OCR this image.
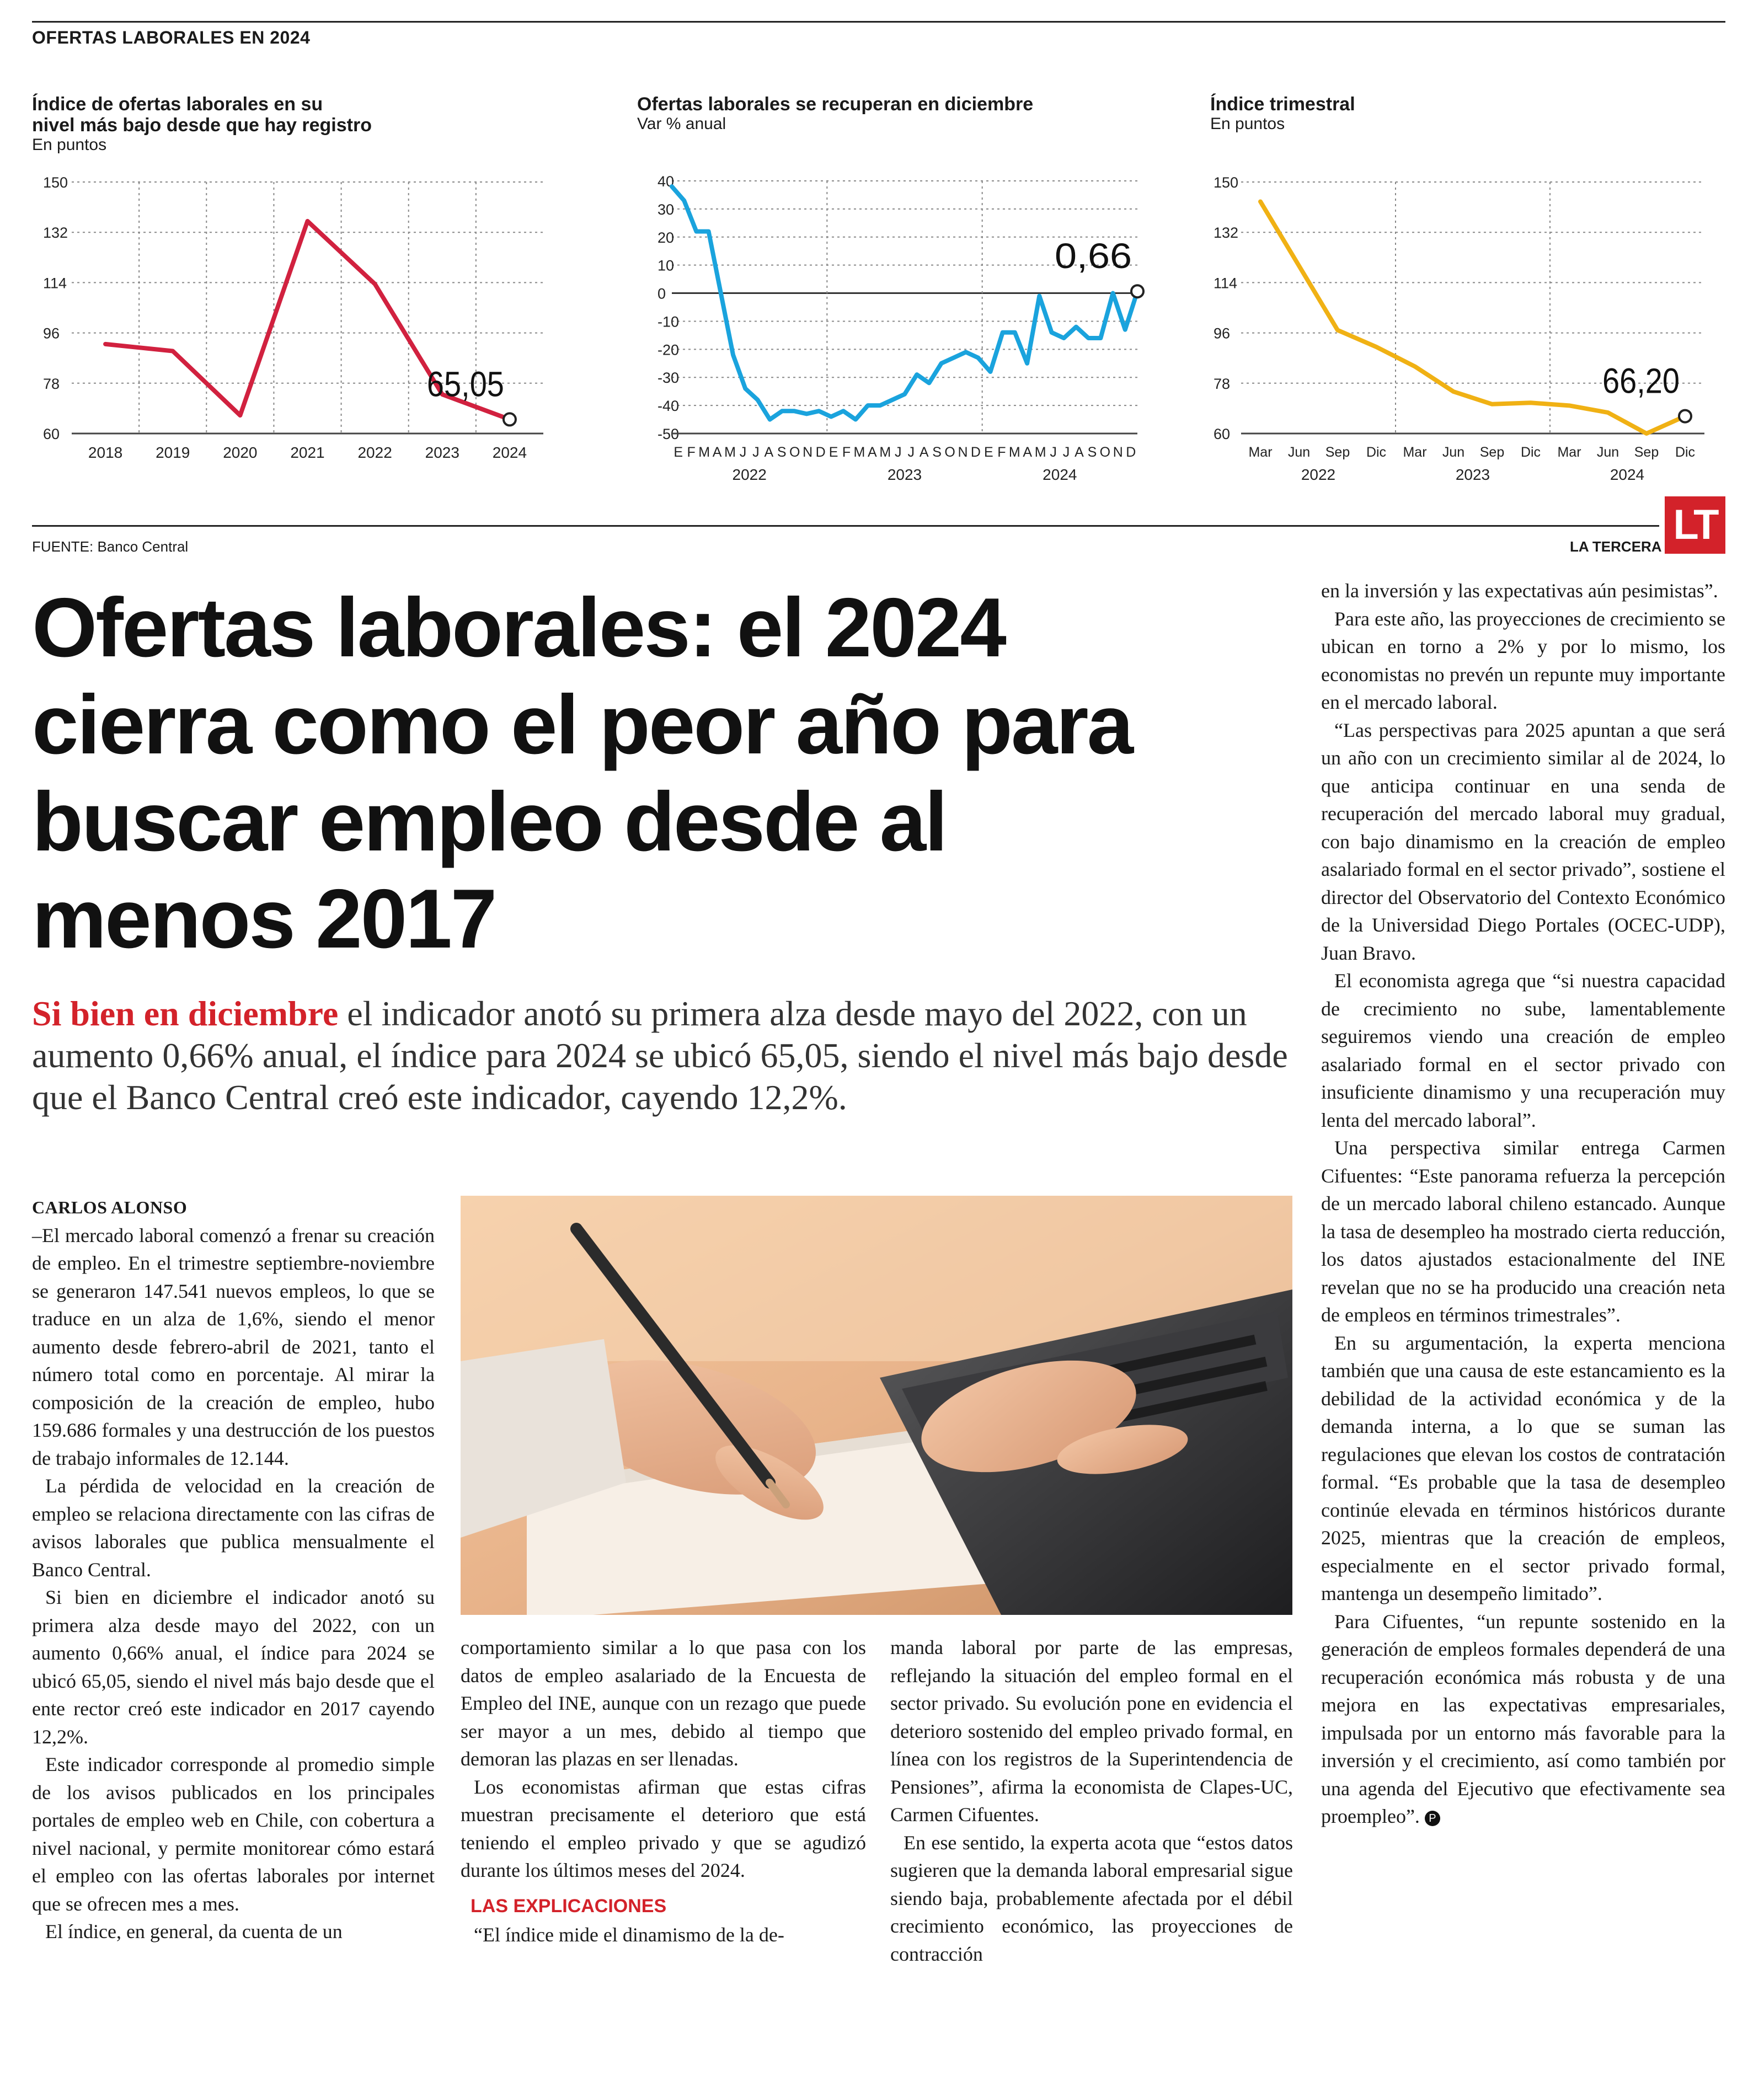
OFERTAS LABORALES EN 2024
Índice de ofertas laborales en su
nivel más bajo desde que hay registro
En puntos
Ofertas laborales se recuperan en diciembre
Var % anual
Índice trimestral
En puntos
150
132
114
96
78
60
2018 2019 2020 2021 2022 2023 2024
65,05
40
30
20
10
0
-10
-20
-30
-40
-50
E F M A M J J A S O N D E F M A M J J A S O N D E F M A M J J A S O N D
2022	2023	2024
0,66
150
132
114
96
78
60
Mar Jun Sep Dic Mar Jun Sep Dic Mar Jun Sep Dic
2022	2023	2024
66,20
FUENTE: Banco Central	LA TERCERA LT
Ofertas laborales: el 2024
cierra como el peor año para
buscar empleo desde al
menos 2017
Si bien en diciembre el indicador anotó su primera alza desde mayo del 2022, con un aumento 0,66% anual, el índice para 2024 se ubicó 65,05, siendo el nivel más bajo desde que el Banco Central creó este indicador, cayendo 12,2%.
CARLOS ALONSO

–El mercado laboral comenzó a frenar su creación de empleo. En el trimestre septiembre-noviembre se generaron 147.541 nuevos empleos, lo que se traduce en un alza de 1,6%, siendo el menor aumento desde febrero-abril de 2021, tanto el número total como en porcentaje. Al mirar la composición de la creación de empleo, hubo 159.686 formales y una destrucción de los puestos de trabajo informales de 12.144.

La pérdida de velocidad en la creación de empleo se relaciona directamente con las cifras de avisos laborales que publica mensualmente el Banco Central.

Si bien en diciembre el indicador anotó su primera alza desde mayo del 2022, con un aumento 0,66% anual, el índice para 2024 se ubicó 65,05, siendo el nivel más bajo desde que el ente rector creó este indicador en 2017 cayendo 12,2%.

Este indicador corresponde al promedio simple de los avisos publicados en los principales portales de empleo web en Chile, con cobertura a nivel nacional, y permite monitorear cómo estará el empleo con las ofertas laborales por internet que se ofrecen mes a mes.

El índice, en general, da cuenta de un

comportamiento similar a lo que pasa con los datos de empleo asalariado de la Encuesta de Empleo del INE, aunque con un rezago que puede ser mayor a un mes, debido al tiempo que demoran las plazas en ser llenadas.

Los economistas afirman que estas cifras muestran precisamente el deterioro que está teniendo el empleo privado y que se agudizó durante los últimos meses del 2024.

LAS EXPLICACIONES

“El índice mide el dinamismo de la de-

manda laboral por parte de las empresas, reflejando la situación del empleo formal en el sector privado. Su evolución pone en evidencia el deterioro sostenido del empleo privado formal, en línea con los registros de la Superintendencia de Pensiones”, afirma la economista de Clapes-UC, Carmen Cifuentes.

En ese sentido, la experta acota que “estos datos sugieren que la demanda laboral empresarial sigue siendo baja, probablemente afectada por el débil crecimiento económico, las proyecciones de contracción

en la inversión y las expectativas aún pesimistas”.

Para este año, las proyecciones de crecimiento se ubican en torno a 2% y por lo mismo, los economistas no prevén un repunte muy importante en el mercado laboral.

“Las perspectivas para 2025 apuntan a que será un año con un crecimiento similar al de 2024, lo que anticipa continuar en una senda de recuperación del mercado laboral muy gradual, con bajo dinamismo en la creación de empleo asalariado formal en el sector privado”, sostiene el director del Observatorio del Contexto Económico de la Universidad Diego Portales (OCEC-UDP), Juan Bravo.

El economista agrega que “si nuestra capacidad de crecimiento no sube, lamentablemente seguiremos viendo una creación de empleo asalariado formal en el sector privado con insuficiente dinamismo y una recuperación muy lenta del mercado laboral”.

Una perspectiva similar entrega Carmen Cifuentes: “Este panorama refuerza la percepción de un mercado laboral chileno estancado. Aunque la tasa de desempleo ha mostrado cierta reducción, los datos ajustados estacionalmente del INE revelan que no se ha producido una creación neta de empleos en términos trimestrales”.

En su argumentación, la experta menciona también que una causa de este estancamiento es la debilidad de la actividad económica y de la demanda interna, a lo que se suman las regulaciones que elevan los costos de contratación formal. “Es probable que la tasa de desempleo continúe elevada en términos históricos durante 2025, mientras que la creación de empleos, especialmente en el sector privado formal, mantenga un desempeño limitado”.

Para Cifuentes, “un repunte sostenido en la generación de empleos formales dependerá de una recuperación económica más robusta y de una mejora en las expectativas empresariales, impulsada por un entorno más favorable para la inversión y el crecimiento, así como también por una agenda del Ejecutivo que efectivamente sea proempleo”. P
